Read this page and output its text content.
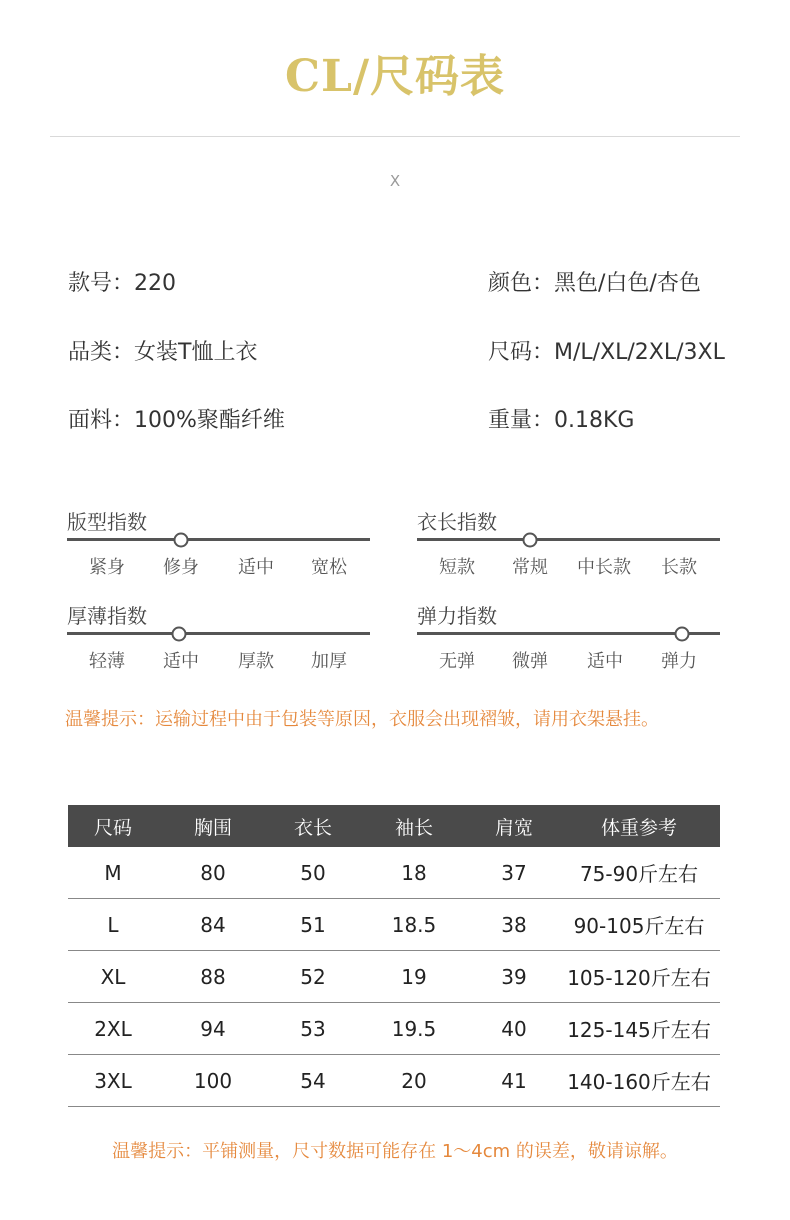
CL/尺码表
X
款号：220	颜色：黑色/白色/杏色
品类：女装T恤上衣	尺码：M/L/XL/2XL/3XL
面料：100%聚酯纤维	重量：0.18KG
版型指数
紧身 修身 适中 宽松
衣长指数
短款 常规 中长款 长款
厚薄指数
轻薄 适中 厚款 加厚
弹力指数
无弹 微弹 适中 弹力
温馨提示：运输过程中由于包装等原因，衣服会出现褶皱，请用衣架悬挂。
尺码	胸围	衣长	袖长	肩宽	体重参考
M	80	50	18	37	75-90斤左右
L	84	51	18.5	38	90-105斤左右
XL	88	52	19	39	105-120斤左右
2XL	94	53	19.5	40	125-145斤左右
3XL	100	54	20	41	140-160斤左右
温馨提示：平铺测量，尺寸数据可能存在 1～4cm 的误差，敬请谅解。
